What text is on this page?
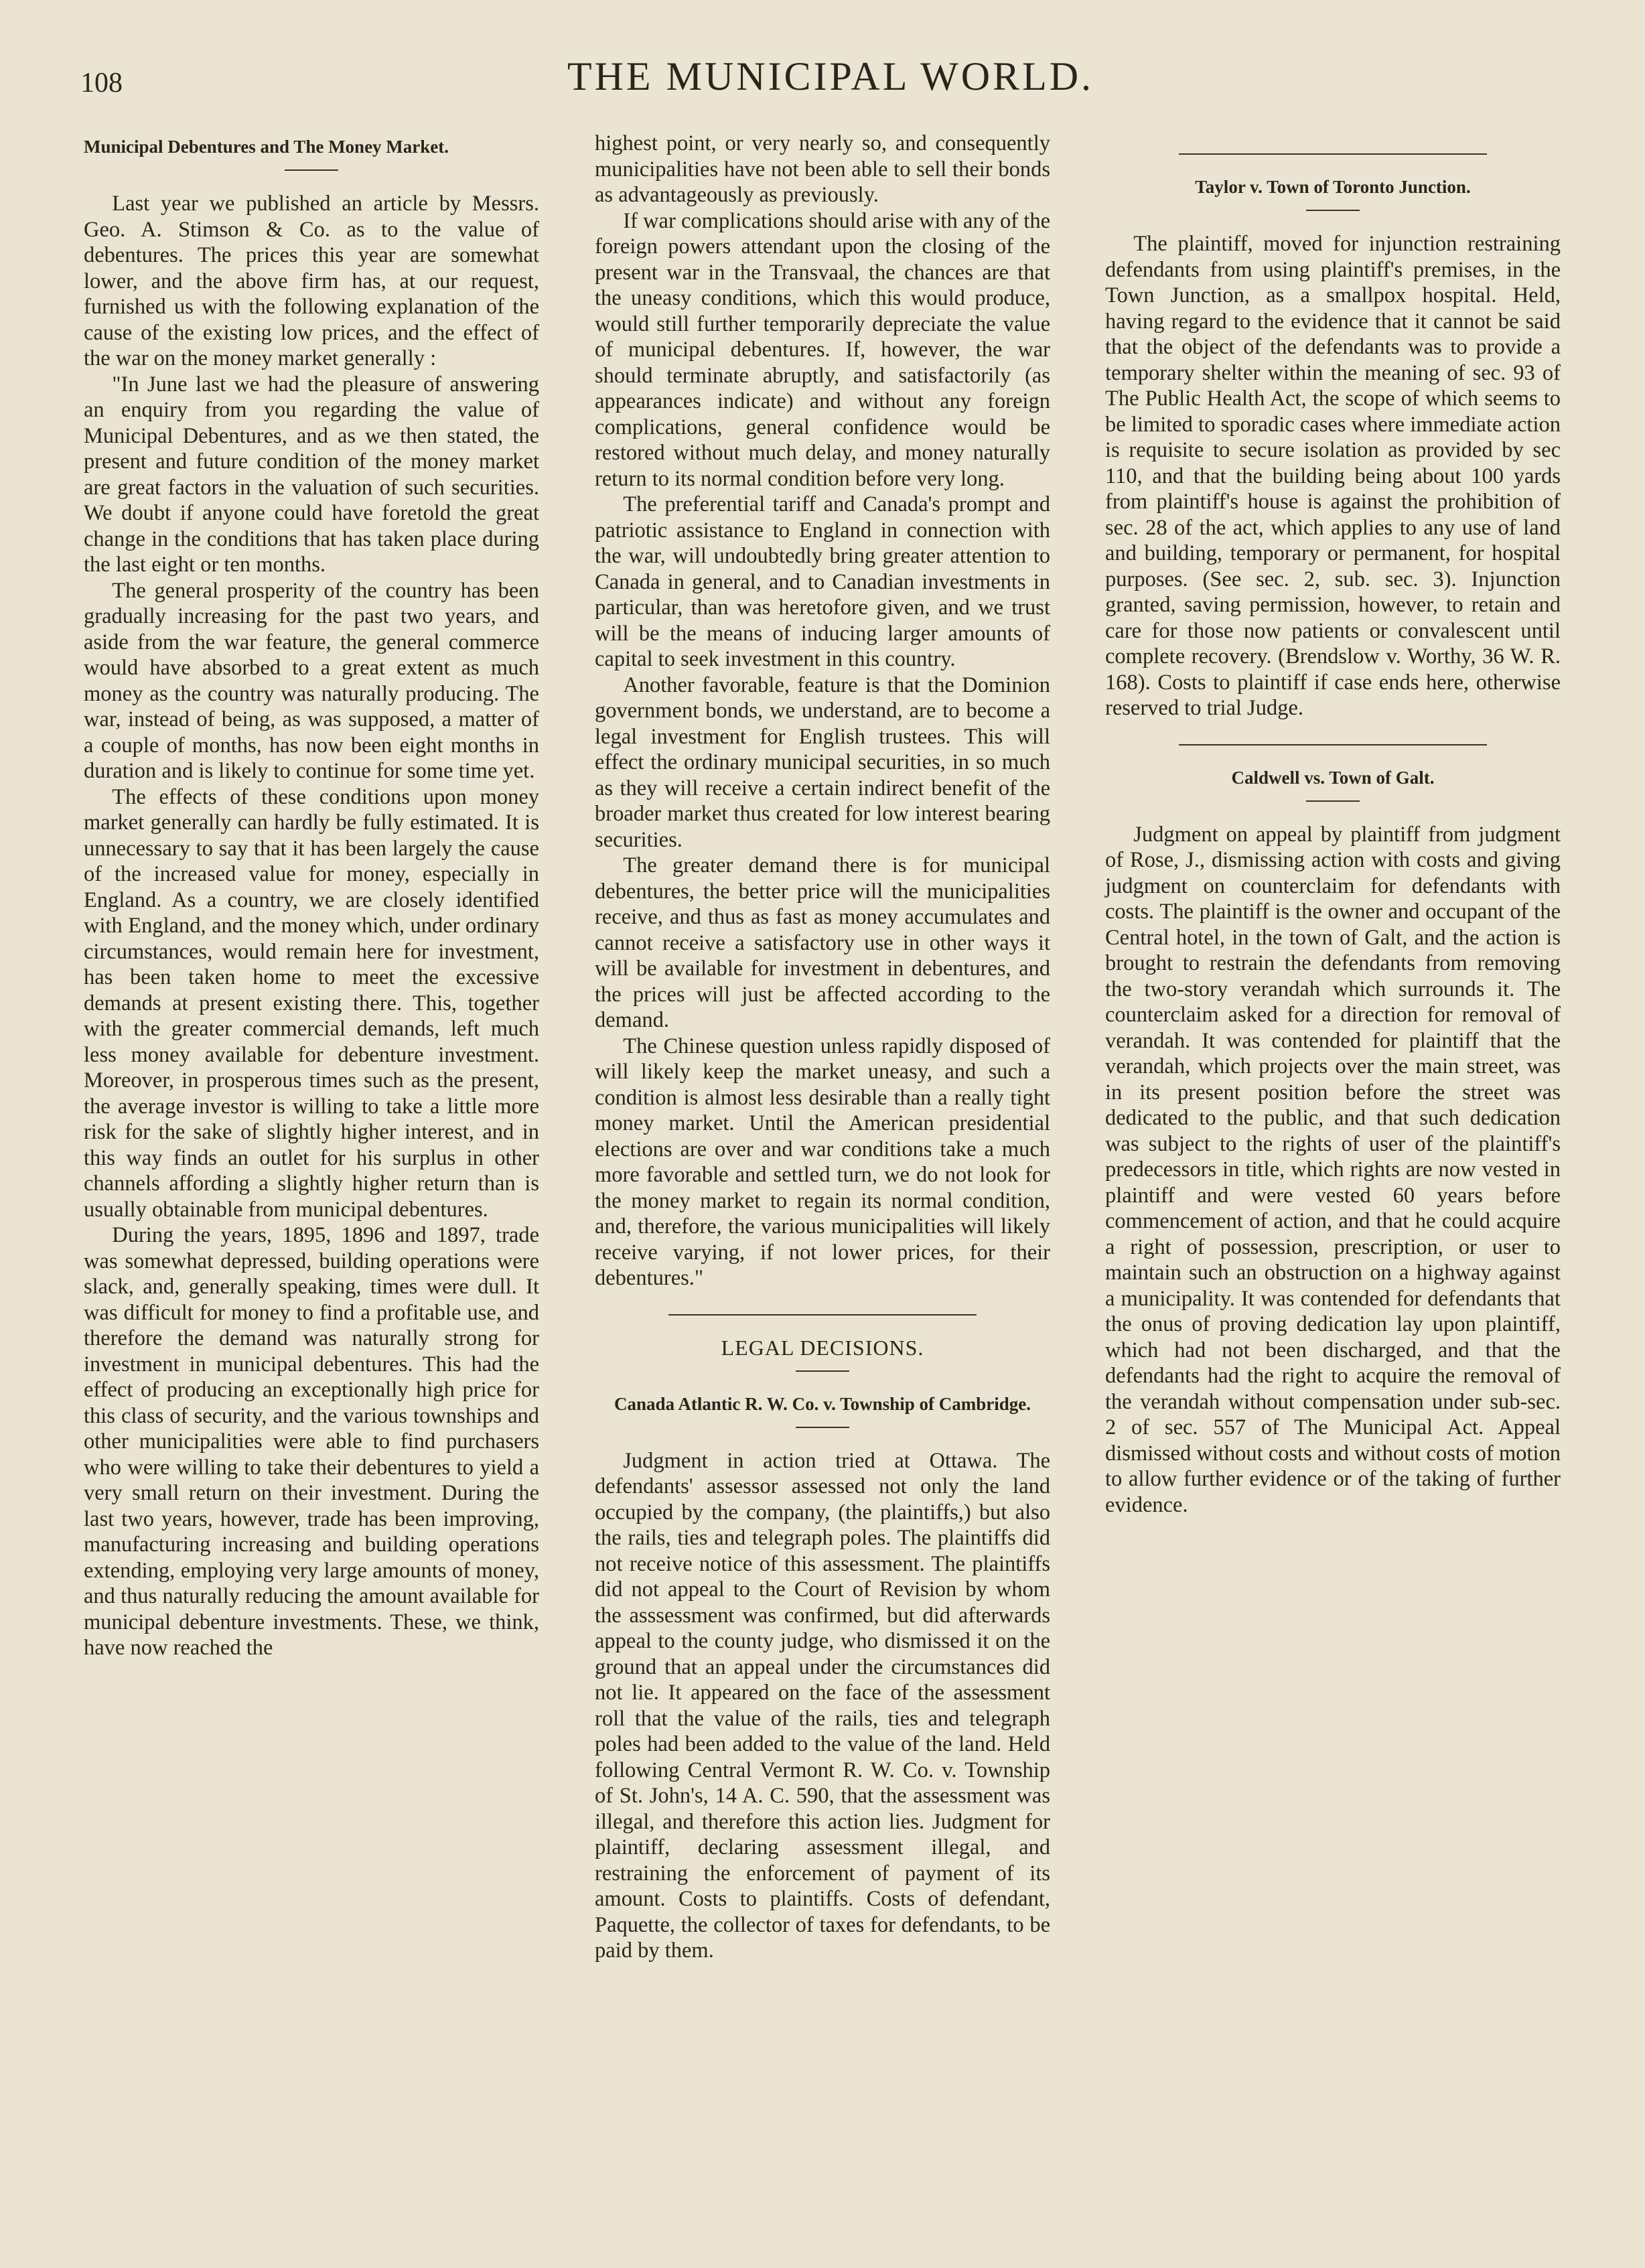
108	THE MUNICIPAL WORLD.
Municipal Debentures and The Money Market.

Last year we published an article by Messrs. Geo. A. Stimson & Co. as to the value of debentures. The prices this year are somewhat lower, and the above firm has, at our request, furnished us with the following explanation of the cause of the existing low prices, and the effect of the war on the money market generally :

"In June last we had the pleasure of answering an enquiry from you regarding the value of Municipal Debentures, and as we then stated, the present and future condition of the money market are great factors in the valuation of such securities. We doubt if anyone could have foretold the great change in the conditions that has taken place during the last eight or ten months.

The general prosperity of the country has been gradually increasing for the past two years, and aside from the war feature, the general commerce would have absorbed to a great extent as much money as the country was naturally producing. The war, instead of being, as was supposed, a matter of a couple of months, has now been eight months in duration and is likely to continue for some time yet.

The effects of these conditions upon money market generally can hardly be fully estimated. It is unnecessary to say that it has been largely the cause of the increased value for money, especially in England. As a country, we are closely identified with England, and the money which, under ordinary circumstances, would remain here for investment, has been taken home to meet the excessive demands at present existing there. This, together with the greater commercial demands, left much less money available for debenture investment. Moreover, in prosperous times such as the present, the average investor is willing to take a little more risk for the sake of slightly higher interest, and in this way finds an outlet for his surplus in other channels affording a slightly higher return than is usually obtainable from municipal debentures.

During the years, 1895, 1896 and 1897, trade was somewhat depressed, building operations were slack, and, generally speaking, times were dull. It was difficult for money to find a profitable use, and therefore the demand was naturally strong for investment in municipal debentures. This had the effect of producing an exceptionally high price for this class of security, and the various townships and other municipalities were able to find purchasers who were willing to take their debentures to yield a very small return on their investment. During the last two years, however, trade has been improving, manufacturing increasing and building operations extending, employing very large amounts of money, and thus naturally reducing the amount available for municipal debenture investments. These, we think, have now reached the

highest point, or very nearly so, and consequently municipalities have not been able to sell their bonds as advantageously as previously.

If war complications should arise with any of the foreign powers attendant upon the closing of the present war in the Transvaal, the chances are that the uneasy conditions, which this would produce, would still further temporarily depreciate the value of municipal debentures. If, however, the war should terminate abruptly, and satisfactorily (as appearances indicate) and without any foreign complications, general confidence would be restored without much delay, and money naturally return to its normal condition before very long.

The preferential tariff and Canada's prompt and patriotic assistance to England in connection with the war, will undoubtedly bring greater attention to Canada in general, and to Canadian investments in particular, than was heretofore given, and we trust will be the means of inducing larger amounts of capital to seek investment in this country.

Another favorable, feature is that the Dominion government bonds, we understand, are to become a legal investment for English trustees. This will effect the ordinary municipal securities, in so much as they will receive a certain indirect benefit of the broader market thus created for low interest bearing securities.

The greater demand there is for municipal debentures, the better price will the municipalities receive, and thus as fast as money accumulates and cannot receive a satisfactory use in other ways it will be available for investment in debentures, and the prices will just be affected according to the demand.

The Chinese question unless rapidly disposed of will likely keep the market uneasy, and such a condition is almost less desirable than a really tight money market. Until the American presidential elections are over and war conditions take a much more favorable and settled turn, we do not look for the money market to regain its normal condition, and, therefore, the various municipalities will likely receive varying, if not lower prices, for their debentures."

LEGAL DECISIONS.
Canada Atlantic R. W. Co. v. Township of Cambridge.

Judgment in action tried at Ottawa. The defendants' assessor assessed not only the land occupied by the company, (the plaintiffs,) but also the rails, ties and telegraph poles. The plaintiffs did not receive notice of this assessment. The plaintiffs did not appeal to the Court of Revision by whom the asssessment was confirmed, but did afterwards appeal to the county judge, who dismissed it on the ground that an appeal under the circumstances did not lie. It appeared on the face of the assessment roll that the value of the rails, ties and telegraph poles had been added to the value of the land. Held following Central Vermont R. W. Co. v. Township of St. John's, 14 A. C. 590, that the assessment was illegal, and therefore this action lies. Judgment for plaintiff, declaring assessment illegal, and restraining the enforcement of payment of its amount. Costs to plaintiffs. Costs of defendant, Paquette, the collector of taxes for defendants, to be paid by them.

Taylor v. Town of Toronto Junction.

The plaintiff, moved for injunction restraining defendants from using plaintiff's premises, in the Town Junction, as a smallpox hospital. Held, having regard to the evidence that it cannot be said that the object of the defendants was to provide a temporary shelter within the meaning of sec. 93 of The Public Health Act, the scope of which seems to be limited to sporadic cases where immediate action is requisite to secure isolation as provided by sec 110, and that the building being about 100 yards from plaintiff's house is against the prohibition of sec. 28 of the act, which applies to any use of land and building, temporary or permanent, for hospital purposes. (See sec. 2, sub. sec. 3). Injunction granted, saving permission, however, to retain and care for those now patients or convalescent until complete recovery. (Brendslow v. Worthy, 36 W. R. 168). Costs to plaintiff if case ends here, otherwise reserved to trial Judge.

Caldwell vs. Town of Galt.

Judgment on appeal by plaintiff from judgment of Rose, J., dismissing action with costs and giving judgment on counterclaim for defendants with costs. The plaintiff is the owner and occupant of the Central hotel, in the town of Galt, and the action is brought to restrain the defendants from removing the two-story verandah which surrounds it. The counterclaim asked for a direction for removal of verandah. It was contended for plaintiff that the verandah, which projects over the main street, was in its present position before the street was dedicated to the public, and that such dedication was subject to the rights of user of the plaintiff's predecessors in title, which rights are now vested in plaintiff and were vested 60 years before commencement of action, and that he could acquire a right of possession, prescription, or user to maintain such an obstruction on a highway against a municipality. It was contended for defendants that the onus of proving dedication lay upon plaintiff, which had not been discharged, and that the defendants had the right to acquire the removal of the verandah without compensation under sub-sec. 2 of sec. 557 of The Municipal Act. Appeal dismissed without costs and without costs of motion to allow further evidence or of the taking of further evidence.
